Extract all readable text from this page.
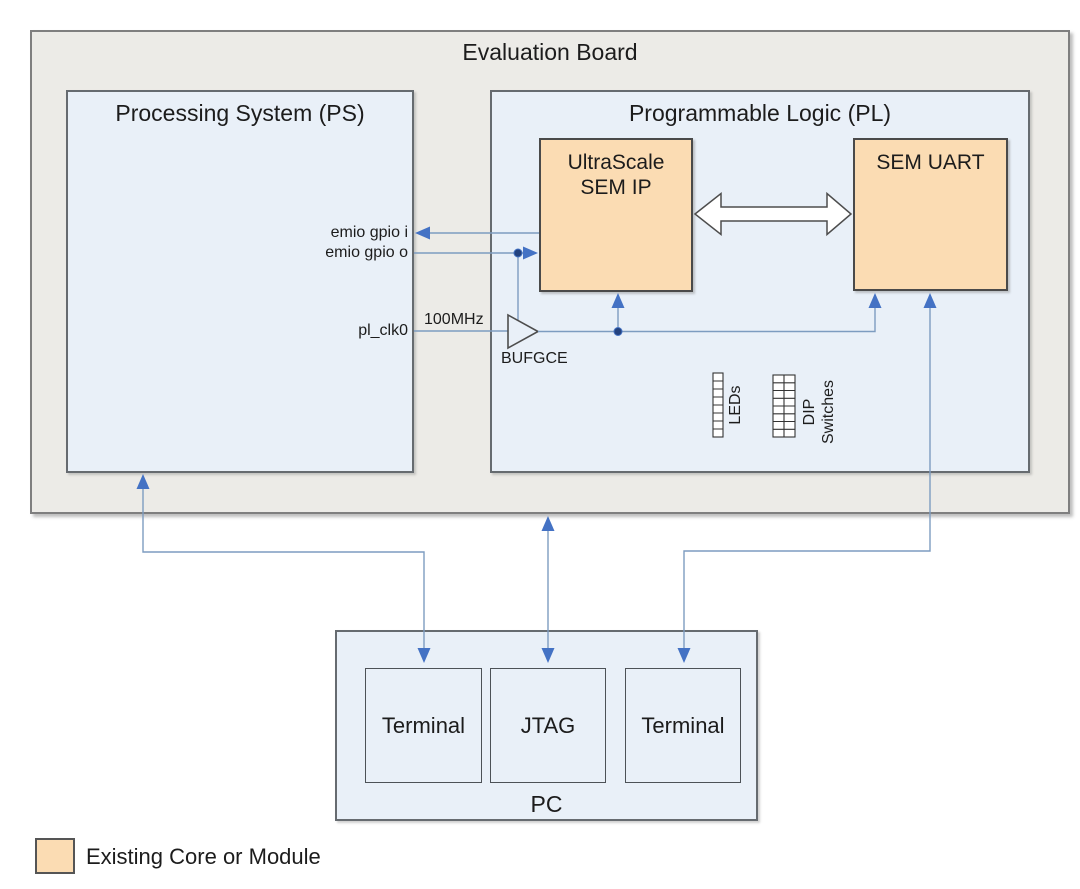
UltraScale
SEM IP
SEM UART
Terminal	JTAG	Terminal
Evaluation Board
Processing System (PS)	Programmable Logic (PL)
emio gpio i
emio gpio o
pl_clk0
100MHz
BUFGCE
LEDs	DIP Switches
PC
Existing Core or Module
